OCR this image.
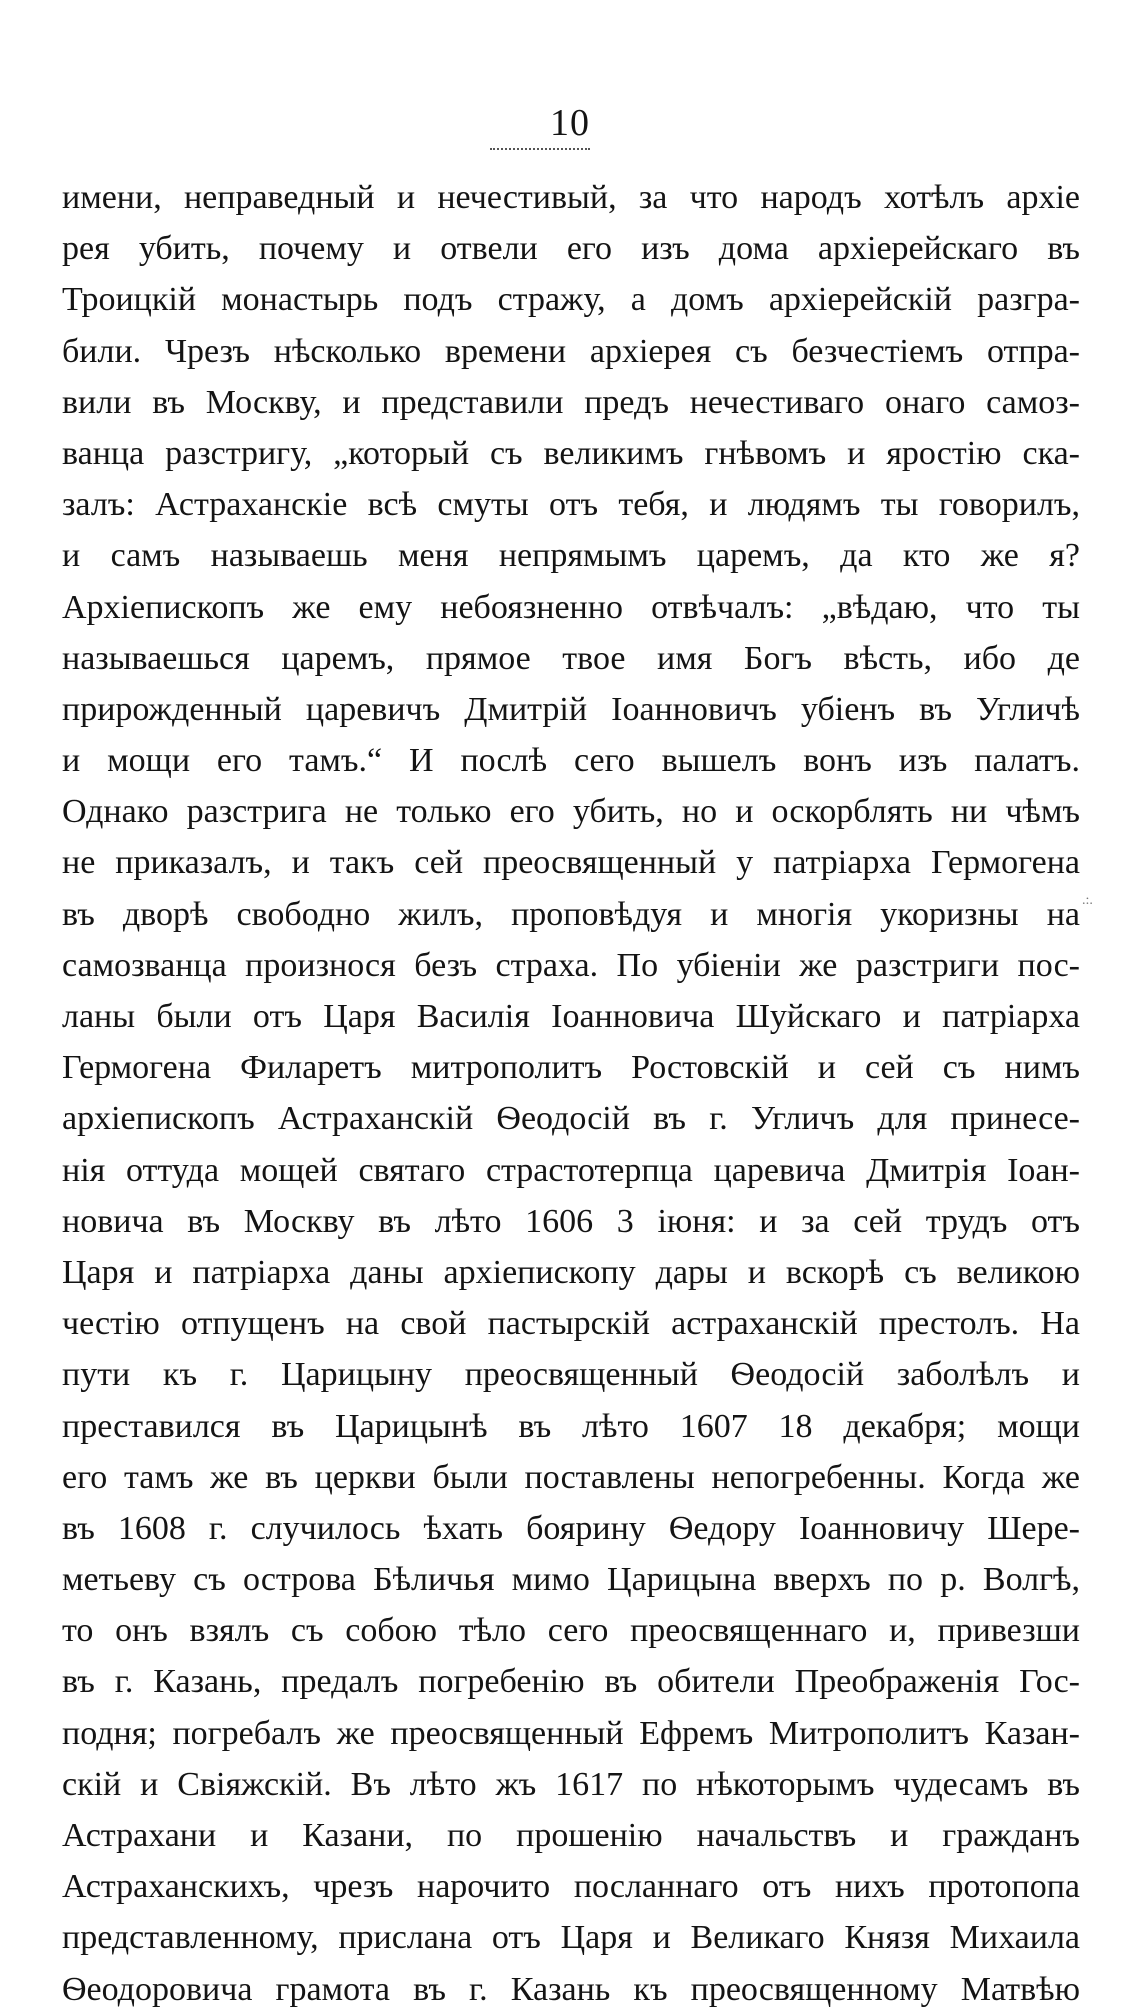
10
имени, неправедный и нечестивый, за что народъ хотѣлъ архіе
рея убить, почему и отвели его изъ дома архіерейскаго въ
Троицкій монастырь подъ стражу, а домъ архіерейскій разгра-
били. Чрезъ нѣсколько времени архіерея съ безчестіемъ отпра-
вили въ Москву, и представили предъ нечестиваго онаго самоз-
ванца разстригу, „который съ великимъ гнѣвомъ и яростію ска-
залъ: Астраханскіе всѣ смуты отъ тебя, и людямъ ты говорилъ,
и самъ называешь меня непрямымъ царемъ, да кто же я?
Архіепископъ же ему небоязненно отвѣчалъ: „вѣдаю, что ты
называешься царемъ, прямое твое имя Богъ вѣсть, ибо де
прирожденный царевичъ Дмитрій Іоанновичъ убіенъ въ Угличѣ
и мощи его тамъ.“ И послѣ сего вышелъ вонъ изъ палатъ.
Однако разстрига не только его убить, но и оскорблять ни чѣмъ
не приказалъ, и такъ сей преосвященный у патріарха Гермогена
въ дворѣ свободно жилъ, проповѣдуя и многія укоризны на
самозванца произнося безъ страха. По убіеніи же разстриги пос-
ланы были отъ Царя Василія Іоанновича Шуйскаго и патріарха
Гермогена Филаретъ митрополитъ Ростовскій и сей съ нимъ
архіепископъ Астраханскій Ѳеодосій въ г. Угличъ для принесе-
нія оттуда мощей святаго страстотерпца царевича Дмитрія Іоан-
новича въ Москву въ лѣто 1606 3 іюня: и за сей трудъ отъ
Царя и патріарха даны архіепископу дары и вскорѣ съ великою
честію отпущенъ на свой пастырскій астраханскій престолъ. На
пути къ г. Царицыну преосвященный Ѳеодосій заболѣлъ и
преставился въ Царицынѣ въ лѣто 1607 18 декабря; мощи
его тамъ же въ церкви были поставлены непогребенны. Когда же
въ 1608 г. случилось ѣхать боярину Ѳедору Іоанновичу Шере-
метьеву съ острова Бѣличья мимо Царицына вверхъ по р. Волгѣ,
то онъ взялъ съ собою тѣло сего преосвященнаго и, привезши
въ г. Казань, предалъ погребенію въ обители Преображенія Гос-
подня; погребалъ же преосвященный Ефремъ Митрополитъ Казан-
скій и Свіяжскій. Въ лѣто жъ 1617 по нѣкоторымъ чудесамъ въ
Астрахани и Казани, по прошенію начальствъ и гражданъ
Астраханскихъ, чрезъ нарочито посланнаго отъ нихъ протопопа
представленному, прислана отъ Царя и Великаго Князя Михаила
Ѳеодоровича грамота въ г. Казань къ преосвященному Матвѣю
.:.
